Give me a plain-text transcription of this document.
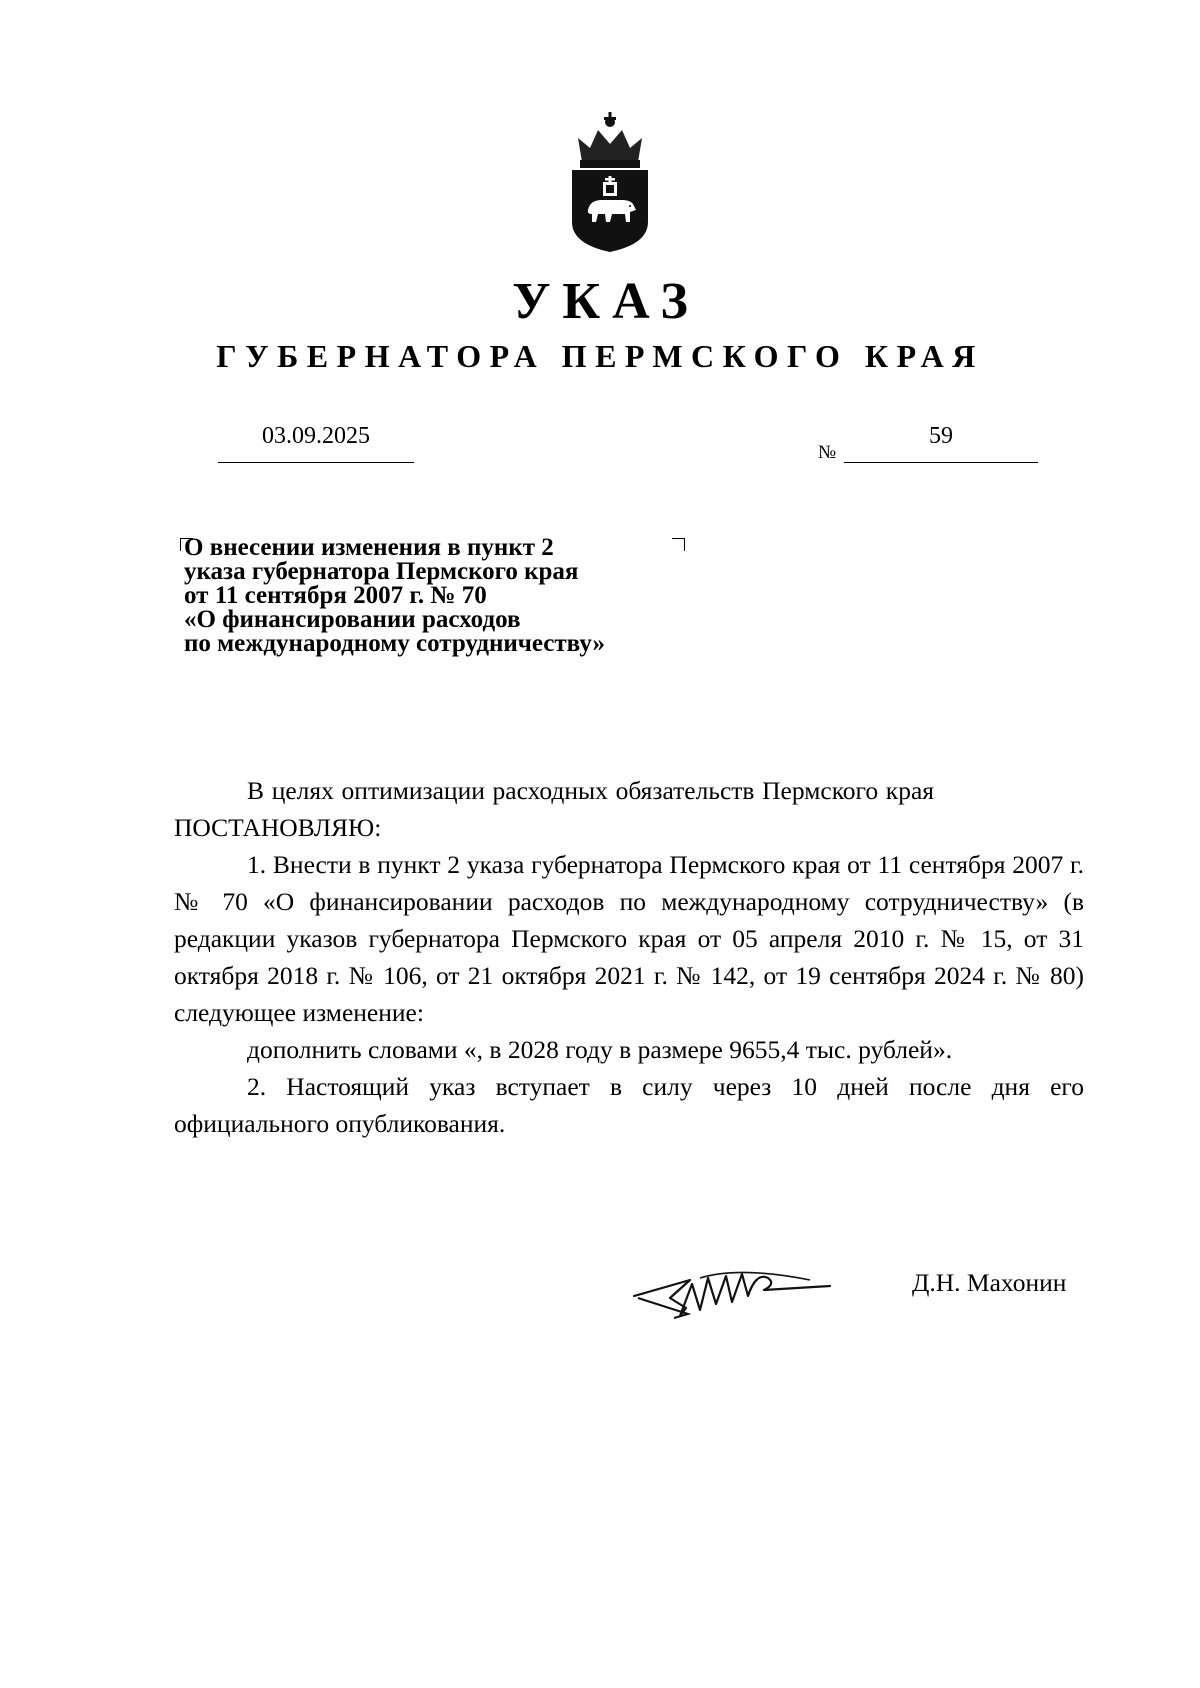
УКАЗ
ГУБЕРНАТОРА ПЕРМСКОГО КРАЯ
03.09.2025
№
59
О внесении изменения в пункт 2
указа губернатора Пермского края
от 11 сентября 2007 г. № 70
«О финансировании расходов
по международному сотрудничеству»

В целях оптимизации расходных обязательств Пермского края ПОСТАНОВЛЯЮ:

1. Внести в пункт 2 указа губернатора Пермского края от 11 сентября 2007 г. № 70 «О финансировании расходов по международному сотрудничеству» (в редакции указов губернатора Пермского края от 05 апреля 2010 г. № 15, от 31 октября 2018 г. № 106, от 21 октября 2021 г. № 142, от 19 сентября 2024 г. № 80) следующее изменение:

дополнить словами «, в 2028 году в размере 9655,4 тыс. рублей».

2. Настоящий указ вступает в силу через 10 дней после дня его официального опубликования.

Д.Н. Махонин
